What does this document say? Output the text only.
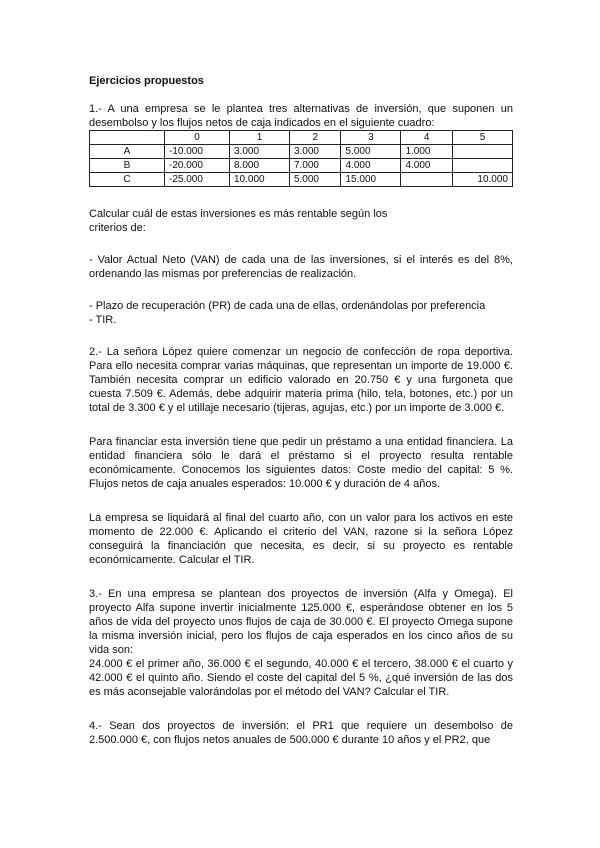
Ejercicios propuestos

1.- A una empresa se le plantea tres alternativas de inversión, que suponen un desembolso y los flujos netos de caja indicados en el siguiente cuadro:

	0	1	2	3	4	5
A	-10.000	3.000	3.000	5.000	1.000	
B	-20.000	8.000	7.000	4.000	4.000	
C	-25.000	10.000	5.000	15.000		10.000

Calcular cuál de estas inversiones es más rentable según los criterios de:

- Valor Actual Neto (VAN) de cada una de las inversiones, si el interés es del 8%, ordenando las mismas por preferencias de realización.

- Plazo de recuperación (PR) de cada una de ellas, ordenándolas por preferencia

- TIR.

2.- La señora López quiere comenzar un negocio de confección de ropa deportiva. Para ello necesita comprar varias máquinas, que representan un importe de 19.000 €. También necesita comprar un edificio valorado en 20.750 € y una furgoneta que cuesta 7.509 €. Además, debe adquirir materia prima (hilo, tela, botones, etc.) por un total de 3.300 € y el utillaje necesario (tijeras, agujas, etc.) por un importe de 3.000 €.

Para financiar esta inversión tiene que pedir un préstamo a una entidad financiera. La entidad financiera sólo le dará el préstamo si el proyecto resulta rentable económicamente. Conocemos los siguientes datos: Coste medio del capital: 5 %. Flujos netos de caja anuales esperados: 10.000 € y duración de 4 años.

La empresa se liquidará al final del cuarto año, con un valor para los activos en este momento de 22.000 €. Aplicando el criterio del VAN, razone si la señora López conseguirá la financiación que necesita, es decir, si su proyecto es rentable económicamente. Calcular el TIR.

3.- En una empresa se plantean dos proyectos de inversión (Alfa y Omega). El proyecto Alfa supone invertir inicialmente 125.000 €, esperándose obtener en los 5 años de vida del proyecto unos flujos de caja de 30.000 €. El proyecto Omega supone la misma inversión inicial, pero los flujos de caja esperados en los cinco años de su vida son:

24.000 € el primer año, 36.000 € el segundo, 40.000 € el tercero, 38.000 € el cuarto y 42.000 € el quinto año. Siendo el coste del capital del 5 %, ¿qué inversión de las dos es más aconsejable valorándolas por el método del VAN? Calcular el TIR.

4.- Sean dos proyectos de inversión: el PR1 que requiere un desembolso de 2.500.000 €, con flujos netos anuales de 500.000 € durante 10 años y el PR2, que
